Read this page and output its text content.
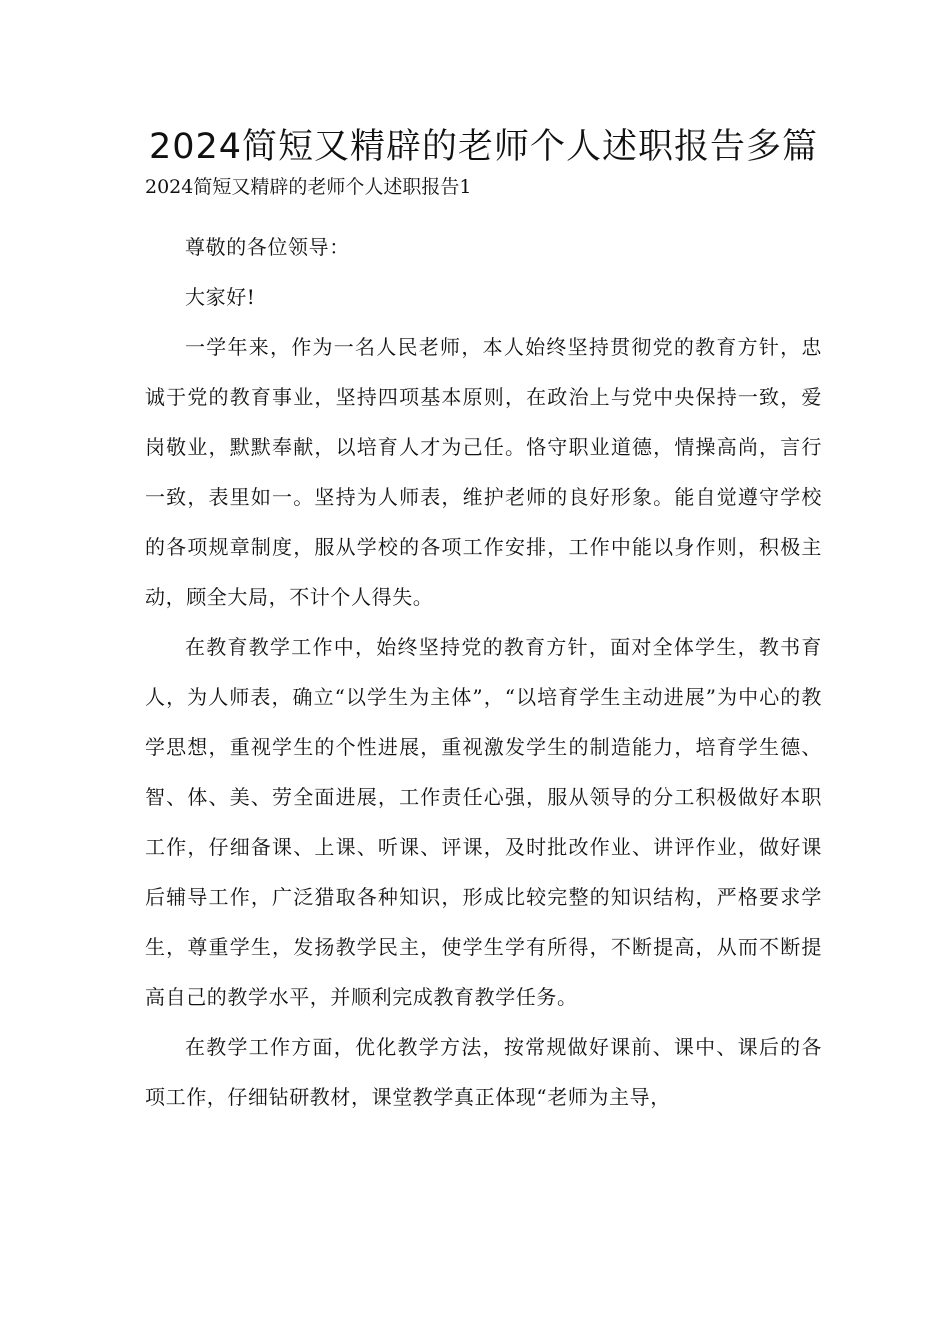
2024简短又精辟的老师个人述职报告多篇
2024简短又精辟的老师个人述职报告1

尊敬的各位领导：

大家好!

一学年来，作为一名人民老师，本人始终坚持贯彻党的教育方针，忠诚于党的教育事业，坚持四项基本原则，在政治上与党中央保持一致，爱岗敬业，默默奉献，以培育人才为己任。恪守职业道德，情操高尚，言行一致，表里如一。坚持为人师表，维护老师的良好形象。能自觉遵守学校的各项规章制度，服从学校的各项工作安排，工作中能以身作则，积极主动，顾全大局，不计个人得失。

在教育教学工作中，始终坚持党的教育方针，面对全体学生，教书育人，为人师表，确立“以学生为主体”，“以培育学生主动进展”为中心的教学思想，重视学生的个性进展，重视激发学生的制造能力，培育学生德、智、体、美、劳全面进展，工作责任心强，服从领导的分工积极做好本职工作，仔细备课、上课、听课、评课，及时批改作业、讲评作业，做好课后辅导工作，广泛猎取各种知识，形成比较完整的知识结构，严格要求学生，尊重学生，发扬教学民主，使学生学有所得，不断提高，从而不断提高自己的教学水平，并顺利完成教育教学任务。

在教学工作方面，优化教学方法，按常规做好课前、课中、课后的各项工作，仔细钻研教材，课堂教学真正体现“老师为主导，
